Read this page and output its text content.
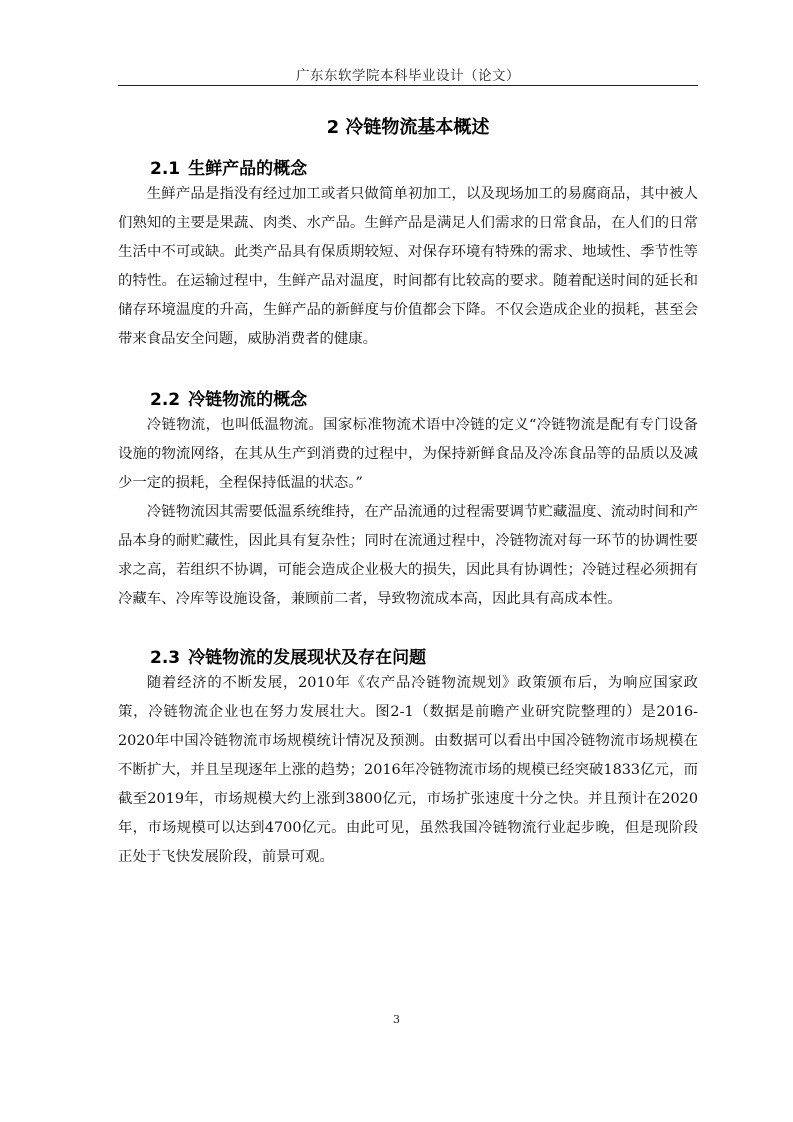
广东东软学院本科毕业设计（论文）
2 冷链物流基本概述
2.1 生鲜产品的概念

生鲜产品是指没有经过加工或者只做简单初加工，以及现场加工的易腐商品，其中被人们熟知的主要是果蔬、肉类、水产品。生鲜产品是满足人们需求的日常食品，在人们的日常生活中不可或缺。此类产品具有保质期较短、对保存环境有特殊的需求、地域性、季节性等的特性。在运输过程中，生鲜产品对温度，时间都有比较高的要求。随着配送时间的延长和储存环境温度的升高，生鲜产品的新鲜度与价值都会下降。不仅会造成企业的损耗，甚至会带来食品安全问题，威胁消费者的健康。

2.2 冷链物流的概念

冷链物流，也叫低温物流。国家标准物流术语中冷链的定义“冷链物流是配有专门设备设施的物流网络，在其从生产到消费的过程中，为保持新鲜食品及冷冻食品等的品质以及减少一定的损耗，全程保持低温的状态。”

冷链物流因其需要低温系统维持，在产品流通的过程需要调节贮藏温度、流动时间和产品本身的耐贮藏性，因此具有复杂性；同时在流通过程中，冷链物流对每一环节的协调性要求之高，若组织不协调，可能会造成企业极大的损失，因此具有协调性；冷链过程必须拥有冷藏车、冷库等设施设备，兼顾前二者，导致物流成本高，因此具有高成本性。

2.3 冷链物流的发展现状及存在问题

随着经济的不断发展，2010年《农产品冷链物流规划》政策颁布后，为响应国家政策，冷链物流企业也在努力发展壮大。图2-1（数据是前瞻产业研究院整理的）是2016-2020年中国冷链物流市场规模统计情况及预测。由数据可以看出中国冷链物流市场规模在不断扩大，并且呈现逐年上涨的趋势；2016年冷链物流市场的规模已经突破1833亿元，而截至2019年，市场规模大约上涨到3800亿元，市场扩张速度十分之快。并且预计在2020年，市场规模可以达到4700亿元。由此可见，虽然我国冷链物流行业起步晚，但是现阶段正处于飞快发展阶段，前景可观。

3
